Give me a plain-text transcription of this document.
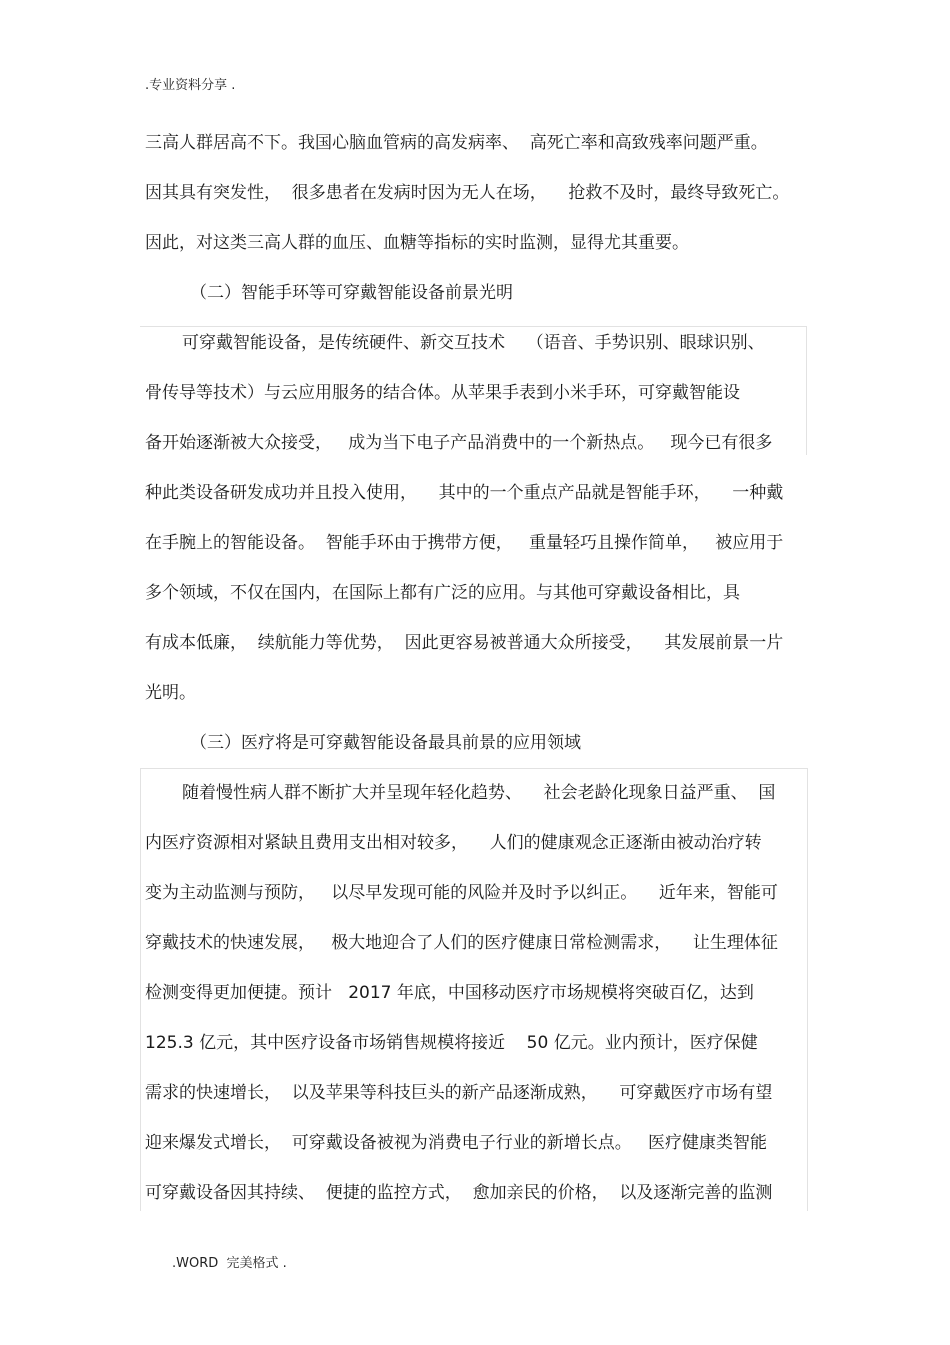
.专业资料分享 .
三高人群居高不下。我国心脑血管病的高发病率、  高死亡率和高致残率问题严重。
因其具有突发性，  很多患者在发病时因为无人在场，    抢救不及时，最终导致死亡。
因此，对这类三高人群的血压、血糖等指标的实时监测，显得尤其重要。
（二）智能手环等可穿戴智能设备前景光明
可穿戴智能设备，是传统硬件、新交互技术    （语音、手势识别、眼球识别、
骨传导等技术）与云应用服务的结合体。从苹果手表到小米手环，可穿戴智能设
备开始逐渐被大众接受，   成为当下电子产品消费中的一个新热点。   现今已有很多
种此类设备研发成功并且投入使用，    其中的一个重点产品就是智能手环，    一种戴
在手腕上的智能设备。  智能手环由于携带方便，   重量轻巧且操作简单，   被应用于
多个领域，不仅在国内，在国际上都有广泛的应用。与其他可穿戴设备相比，具
有成本低廉，  续航能力等优势，  因此更容易被普通大众所接受，    其发展前景一片
光明。
（三）医疗将是可穿戴智能设备最具前景的应用领域
随着慢性病人群不断扩大并呈现年轻化趋势、    社会老龄化现象日益严重、  国
内医疗资源相对紧缺且费用支出相对较多，    人们的健康观念正逐渐由被动治疗转
变为主动监测与预防，   以尽早发现可能的风险并及时予以纠正。    近年来，智能可
穿戴技术的快速发展，   极大地迎合了人们的医疗健康日常检测需求，    让生理体征
检测变得更加便捷。预计   2017 年底，中国移动医疗市场规模将突破百亿，达到
125.3 亿元，其中医疗设备市场销售规模将接近    50 亿元。业内预计，医疗保健
需求的快速增长，  以及苹果等科技巨头的新产品逐渐成熟，    可穿戴医疗市场有望
迎来爆发式增长，  可穿戴设备被视为消费电子行业的新增长点。   医疗健康类智能
可穿戴设备因其持续、  便捷的监控方式，  愈加亲民的价格，  以及逐渐完善的监测
.WORD  完美格式 .
